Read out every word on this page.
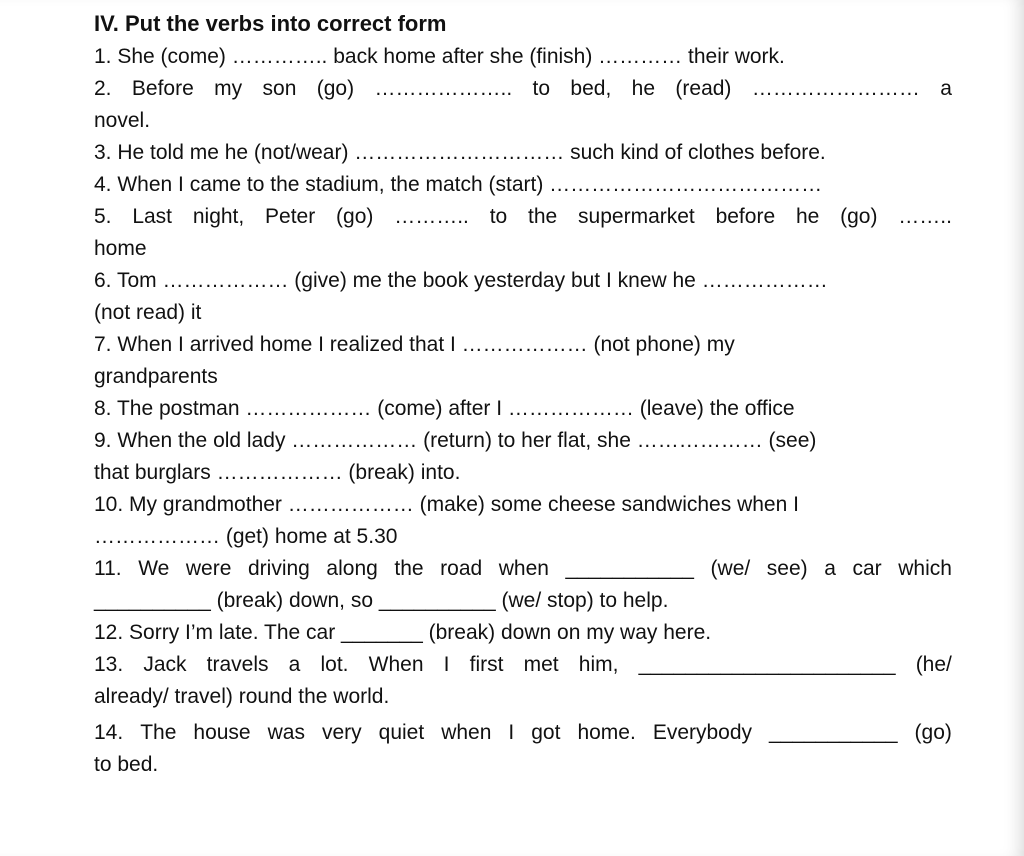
IV. Put the verbs into correct form

1. She (come) ………….. back home after she (finish) ………… their work.

2. Before my son (go) ……………….. to bed, he (read) …………………… a
novel.

3. He told me he (not/wear) ………………………… such kind of clothes before.

4. When I came to the stadium, the match (start) …………………………………

5. Last night, Peter (go) ……….. to the supermarket before he (go) ……..
home

6. Tom ……………… (give) me the book yesterday but I knew he ………………
(not read) it

7. When I arrived home I realized that I ……………… (not phone) my
grandparents

8. The postman ……………… (come) after I ……………… (leave) the office

9. When the old lady ……………… (return) to her flat, she ……………… (see)
that burglars ……………… (break) into.

10. My grandmother ……………… (make) some cheese sandwiches when I
……………… (get) home at 5.30

11. We were driving along the road when ___________ (we/ see) a car which
__________ (break) down, so __________ (we/ stop) to help.

12. Sorry I’m late. The car _______ (break) down on my way here.

13. Jack travels a lot. When I first met him, ______________________ (he/
already/ travel) round the world.

14. The house was very quiet when I got home. Everybody ___________ (go)
to bed.
